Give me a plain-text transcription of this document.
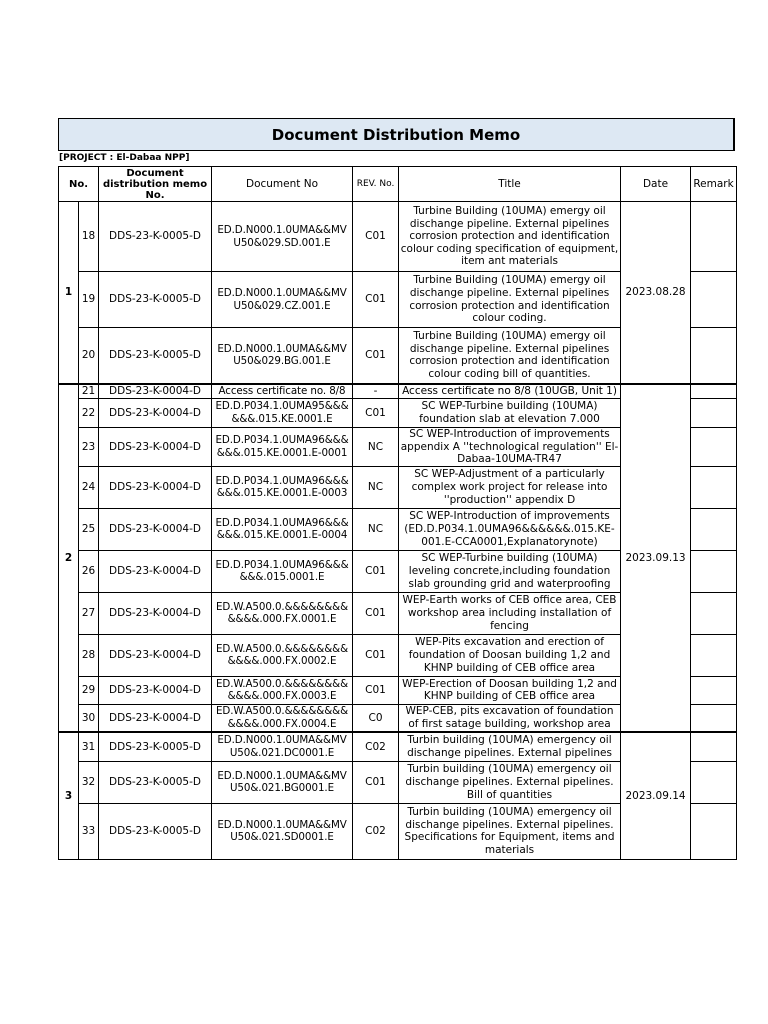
Document Distribution Memo
[PROJECT : El-Dabaa NPP]
No.		Document distribution memo No.	Document No	REV. No.	Title	Date	Remark
1	18	DDS-23-K-0005-D	ED.D.N000.1.0UMA&&MV U50&029.SD.001.E	C01	Turbine Building (10UMA) emergy oil dischange pipeline. External pipelines corrosion protection and identification colour coding specification of equipment, item ant materials	2023.08.28	
	19	DDS-23-K-0005-D	ED.D.N000.1.0UMA&&MV U50&029.CZ.001.E	C01	Turbine Building (10UMA) emergy oil dischange pipeline. External pipelines corrosion protection and identification colour coding.		
	20	DDS-23-K-0005-D	ED.D.N000.1.0UMA&&MV U50&029.BG.001.E	C01	Turbine Building (10UMA) emergy oil dischange pipeline. External pipelines corrosion protection and identification colour coding bill of quantities.		
2	21	DDS-23-K-0004-D	Access certificate no. 8/8	-	Access certificate no 8/8 (10UGB, Unit 1)	2023.09.13	
	22	DDS-23-K-0004-D	ED.D.P034.1.0UMA95&&& &&&.015.KE.0001.E	C01	SC WEP-Turbine building (10UMA) foundation slab at elevation 7.000		
	23	DDS-23-K-0004-D	ED.D.P034.1.0UMA96&&& &&&.015.KE.0001.E-0001	NC	SC WEP-Introduction of improvements appendix A ''technological regulation'' El-Dabaa-10UMA-TR47		
	24	DDS-23-K-0004-D	ED.D.P034.1.0UMA96&&& &&&.015.KE.0001.E-0003	NC	SC WEP-Adjustment of a particularly complex work project for release into ''production'' appendix D		
	25	DDS-23-K-0004-D	ED.D.P034.1.0UMA96&&& &&&.015.KE.0001.E-0004	NC	SC WEP-Introduction of improvements (ED.D.P034.1.0UMA96&&&&&&.015.KE-001.E-CCA0001,Explanatorynote)		
	26	DDS-23-K-0004-D	ED.D.P034.1.0UMA96&&& &&&.015.0001.E	C01	SC WEP-Turbine building (10UMA) leveling concrete,including foundation slab grounding grid and waterproofing		
	27	DDS-23-K-0004-D	ED.W.A500.0.&&&&&&&& &&&&.000.FX.0001.E	C01	WEP-Earth works of CEB office area, CEB workshop area including installation of fencing		
	28	DDS-23-K-0004-D	ED.W.A500.0.&&&&&&&& &&&&.000.FX.0002.E	C01	WEP-Pits excavation and erection of foundation of Doosan building 1,2 and KHNP building of CEB office area		
	29	DDS-23-K-0004-D	ED.W.A500.0.&&&&&&&& &&&&.000.FX.0003.E	C01	WEP-Erection of Doosan building 1,2 and KHNP building of CEB office area		
	30	DDS-23-K-0004-D	ED.W.A500.0.&&&&&&&& &&&&.000.FX.0004.E	C0	WEP-CEB, pits excavation of foundation of first satage building, workshop area		
3	31	DDS-23-K-0005-D	ED.D.N000.1.0UMA&&MV U50&.021.DC0001.E	C02	Turbin building (10UMA) emergency oil dischange pipelines. External pipelines	2023.09.14	
	32	DDS-23-K-0005-D	ED.D.N000.1.0UMA&&MV U50&.021.BG0001.E	C01	Turbin building (10UMA) emergency oil dischange pipelines. External pipelines. Bill of quantities		
	33	DDS-23-K-0005-D	ED.D.N000.1.0UMA&&MV U50&.021.SD0001.E	C02	Turbin building (10UMA) emergency oil dischange pipelines. External pipelines. Specifications for Equipment, items and materials		
